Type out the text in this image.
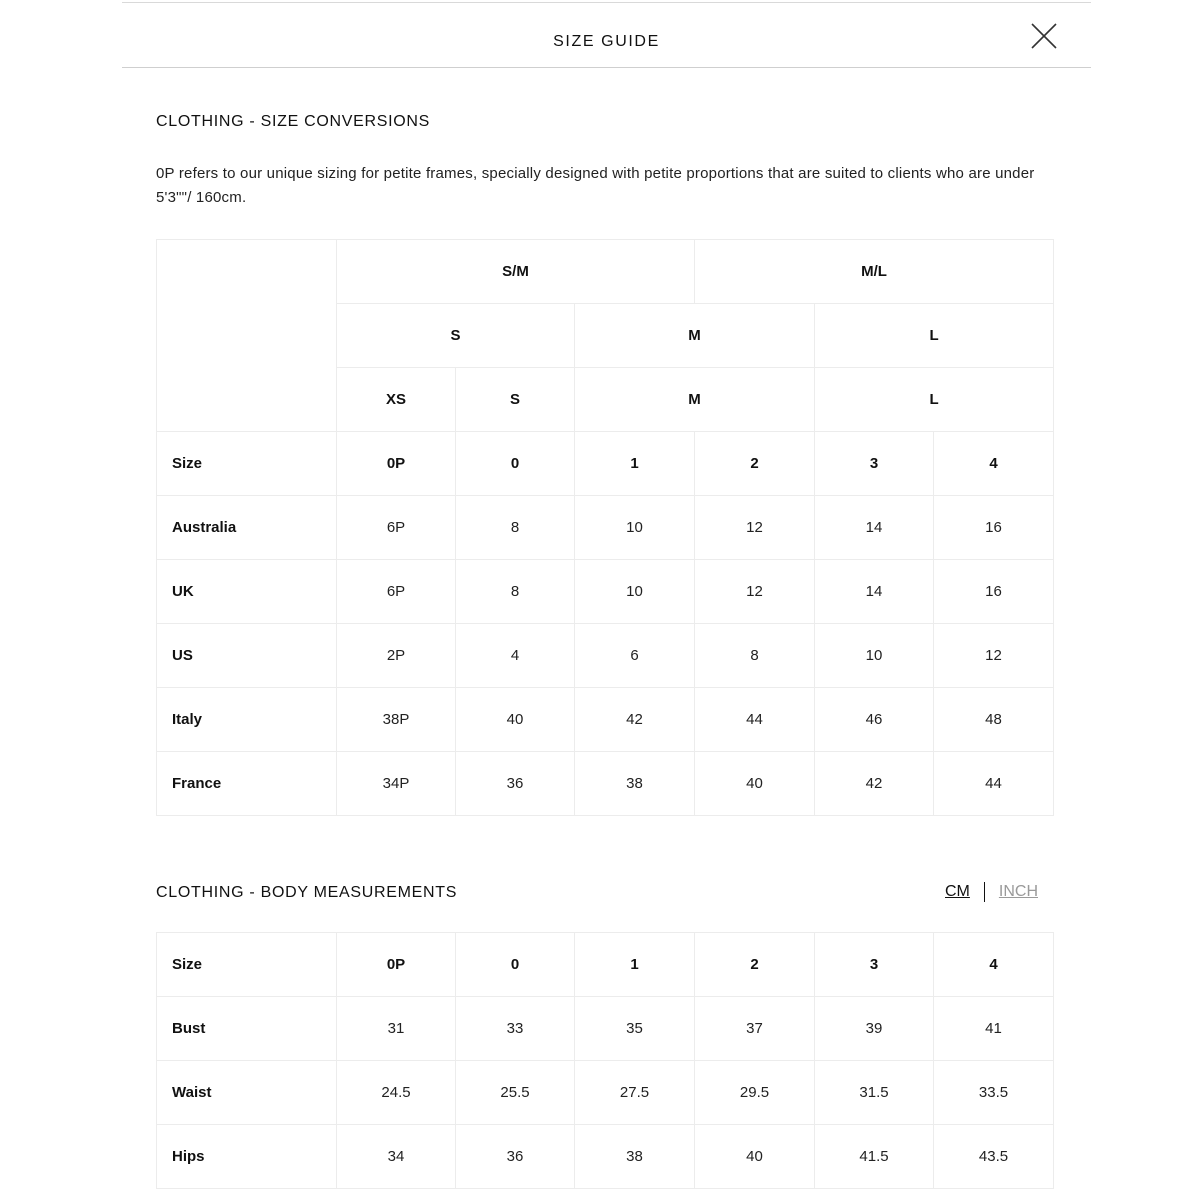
SIZE GUIDE
CLOTHING - SIZE CONVERSIONS
0P refers to our unique sizing for petite frames, specially designed with petite proportions that are suited to clients who are under 5'3""/ 160cm.
	S/M			M/L		
	S		M		L	
	XS	S	M		L	
Size	0P	0	1	2	3	4
Australia	6P	8	10	12	14	16
UK	6P	8	10	12	14	16
US	2P	4	6	8	10	12
Italy	38P	40	42	44	46	48
France	34P	36	38	40	42	44
CLOTHING - BODY MEASUREMENTS	CM INCH
Size	0P	0	1	2	3	4
Bust	31	33	35	37	39	41
Waist	24.5	25.5	27.5	29.5	31.5	33.5
Hips	34	36	38	40	41.5	43.5
